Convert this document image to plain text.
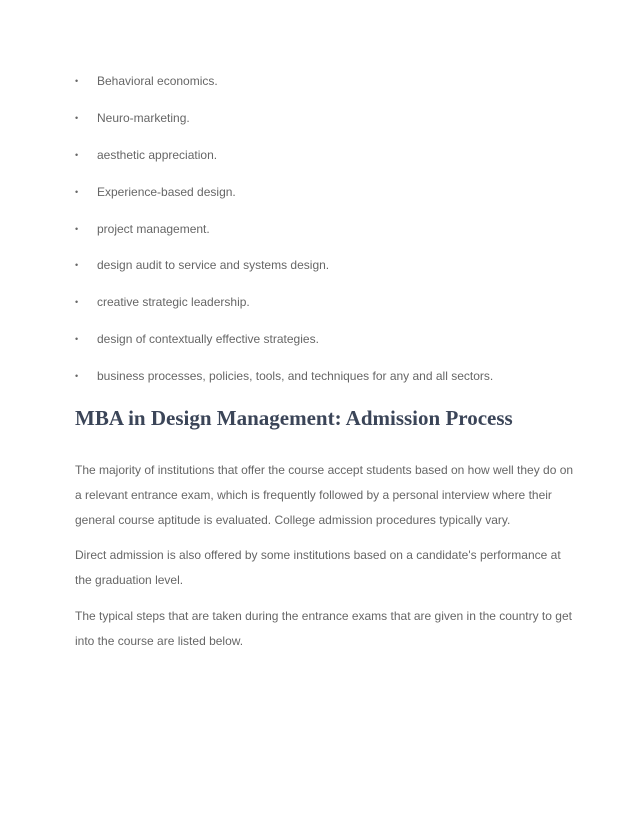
•	Behavioral economics.
•	Neuro-marketing.
•	aesthetic appreciation.
•	Experience-based design.
•	project management.
•	design audit to service and systems design.
•	creative strategic leadership.
•	design of contextually effective strategies.
•	business processes, policies, tools, and techniques for any and all sectors.
MBA in Design Management: Admission Process

The majority of institutions that offer the course accept students based on how well they do on a relevant entrance exam, which is frequently followed by a personal interview where their general course aptitude is evaluated. College admission procedures typically vary.

Direct admission is also offered by some institutions based on a candidate's performance at the graduation level.

The typical steps that are taken during the entrance exams that are given in the country to get into the course are listed below.
